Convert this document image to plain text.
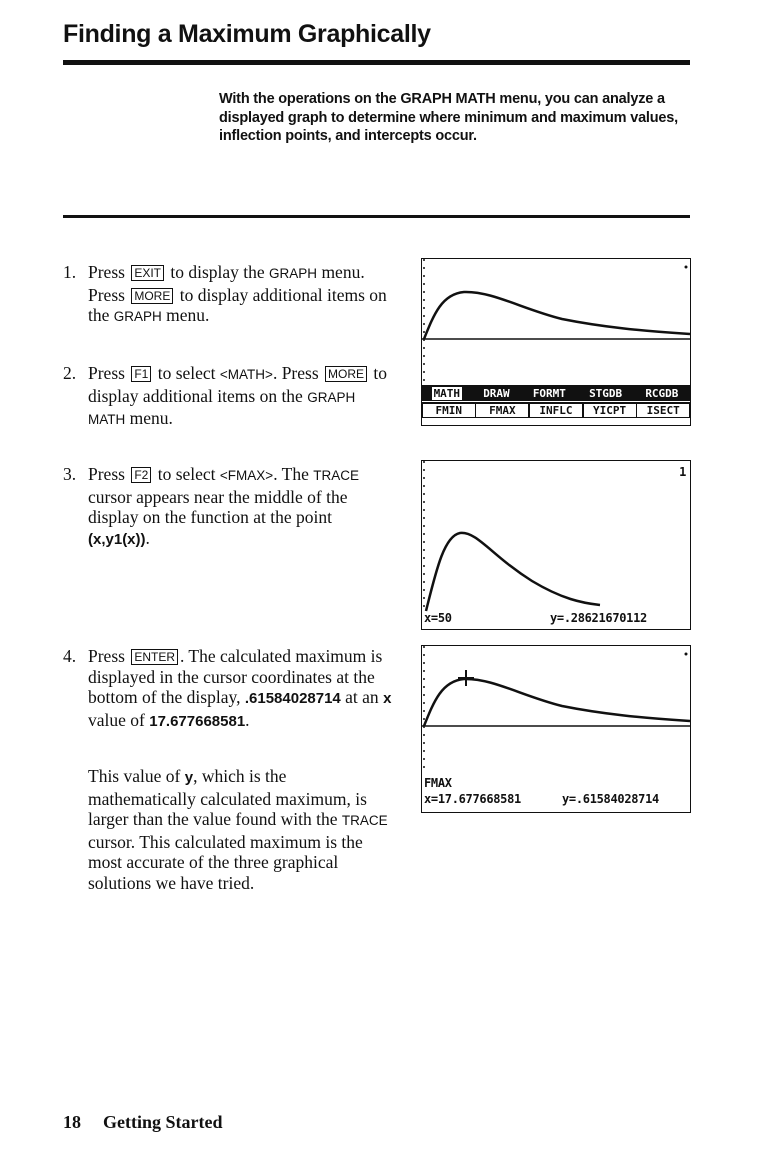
Finding a Maximum Graphically
With the operations on the GRAPH MATH menu, you can analyze a displayed graph to determine where minimum and maximum values, inflection points, and intercepts occur.
1. Press EXIT to display the GRAPH menu. Press MORE to display additional items on the GRAPH menu.
2. Press F1 to select <MATH>. Press MORE to display additional items on the GRAPH MATH menu.
3. Press F2 to select <FMAX>. The TRACE cursor appears near the middle of the display on the function at the point (x,y1(x)).
4. Press ENTER . The calculated maximum is displayed in the cursor coordinates at the bottom of the display, .61584028714 at an x value of 17.677668581.
This value of y, which is the mathematically calculated maximum, is larger than the value found with the TRACE cursor. This calculated maximum is the most accurate of the three graphical solutions we have tried.
MATH DRAW FORMT STGDB RCGDB
FMIN	FMAX	INFLC	YICPT	ISECT
1
x=50	y=.28621670112
FMAX
x=17.677668581	y=.61584028714
18 Getting Started
